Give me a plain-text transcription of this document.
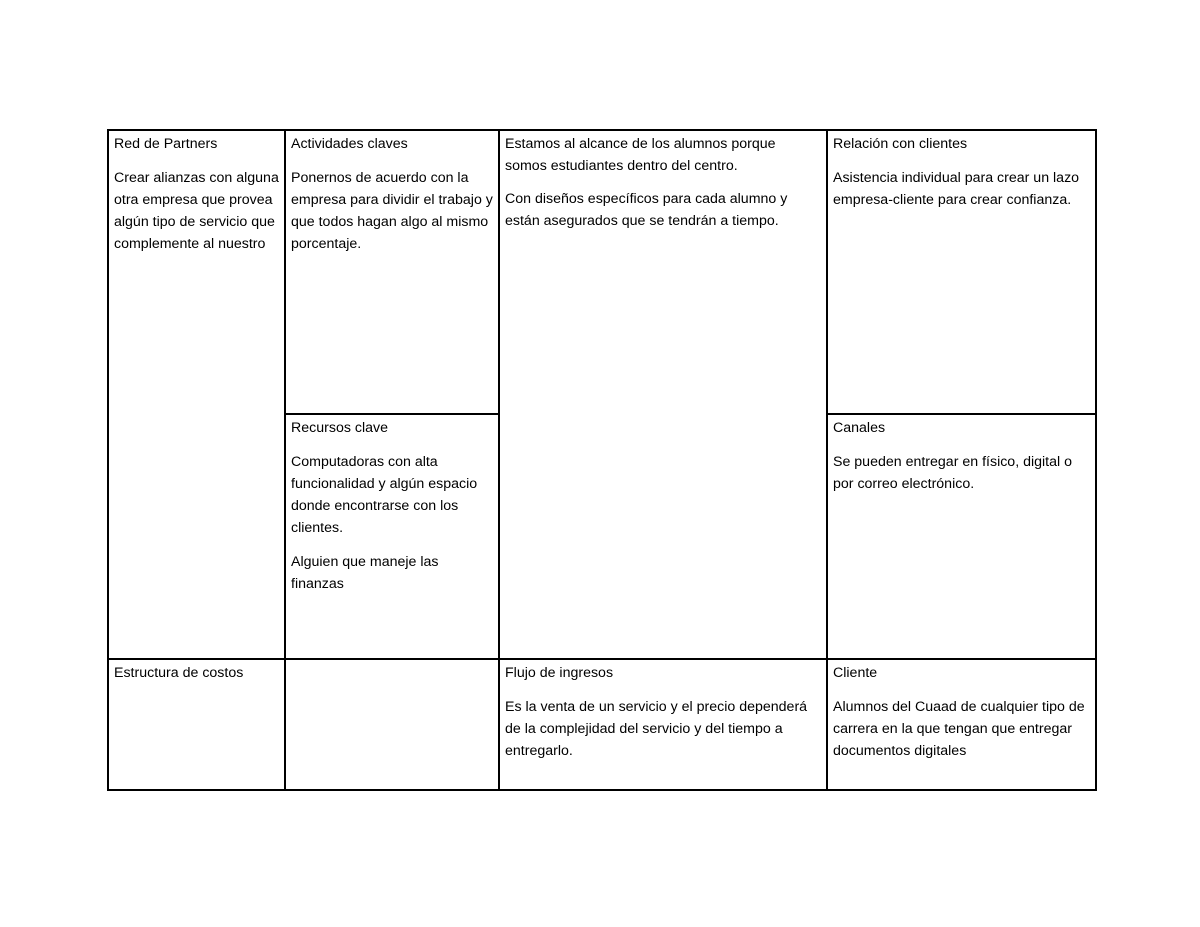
Red de Partners

Crear alianzas con alguna otra empresa que provea algún tipo de servicio que complemente al nuestro

Actividades claves

Ponernos de acuerdo con la empresa para dividir el trabajo y que todos hagan algo al mismo porcentaje.

Estamos al alcance de los alumnos porque somos estudiantes dentro del centro.

Con diseños específicos para cada alumno y están asegurados que se tendrán a tiempo.

Relación con clientes

Asistencia individual para crear un lazo empresa-cliente para crear confianza.

Recursos clave

Computadoras con alta funcionalidad y algún espacio donde encontrarse con los clientes.

Alguien que maneje las finanzas

Canales

Se pueden entregar en físico, digital o por correo electrónico.

Estructura de costos	Flujo de ingresos

Es la venta de un servicio y el precio dependerá de la complejidad del servicio y del tiempo a entregarlo.

Cliente

Alumnos del Cuaad de cualquier tipo de carrera en la que tengan que entregar documentos digitales
